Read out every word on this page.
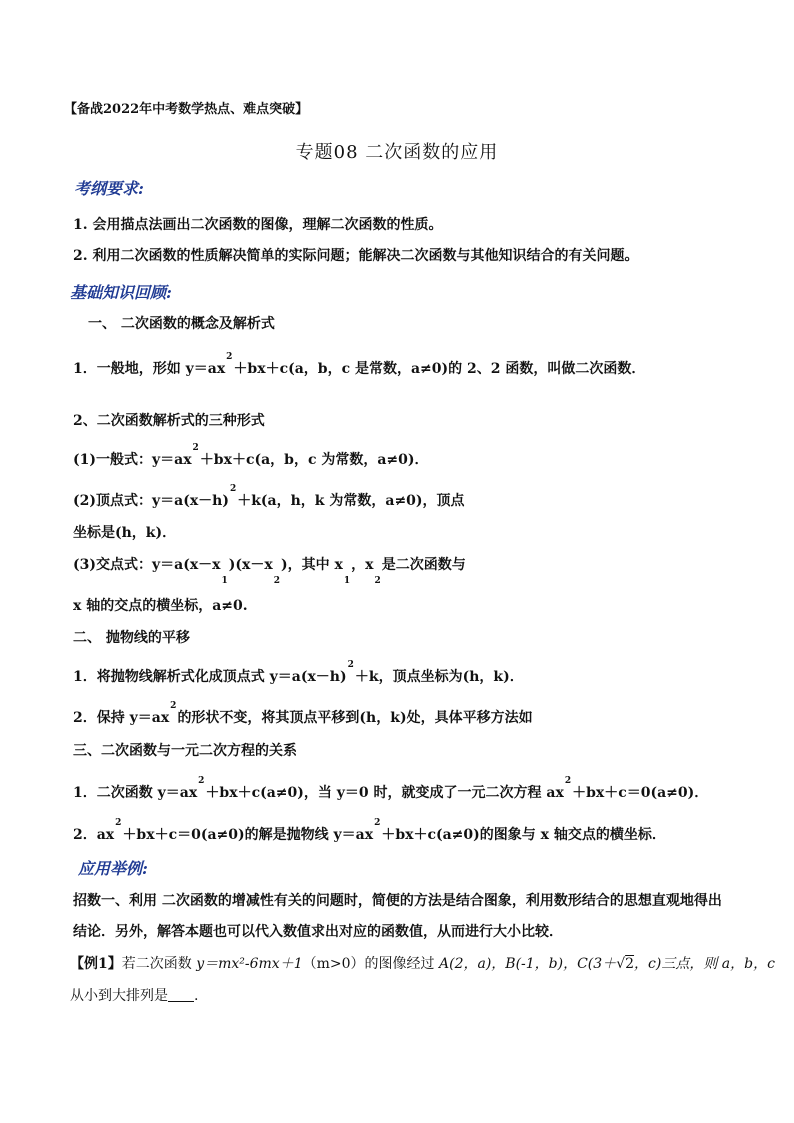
【备战2022年中考数学热点、难点突破】
专题08 二次函数的应用
考纲要求:
1. 会用描点法画出二次函数的图像，理解二次函数的性质。
2. 利用二次函数的性质解决简单的实际问题；能解决二次函数与其他知识结合的有关问题。
基础知识回顾:
一、 二次函数的概念及解析式
1．一般地，形如 $y=ax^2+bx+c(a$，b，c 是常数，a≠0)的 2、2 函数，叫做二次函数．
2、二次函数解析式的三种形式
(1)一般式：$y=ax^2+bx+c(a$，b，c 为常数，a≠0)．
(2)顶点式：$y=a(x-h)^2+k(a$，h，k 为常数，a≠0)，顶点
坐标是(h，k)．
(3)交点式：$y=a(x-x_1)(x-x_2)$，其中 $x_1$，$x_2$是二次函数与
x 轴的交点的横坐标，a≠0.
二、 抛物线的平移
1．将抛物线解析式化成顶点式 $y=a(x-h)^2+k$，顶点坐标为(h，k)．
2．保持 $y=ax^2$的形状不变，将其顶点平移到(h，k)处，具体平移方法如
三、二次函数与一元二次方程的关系
1．二次函数 $y=ax^2+bx+c(a\ne 0)$，当 y＝0 时，就变成了一元二次方程 $ax^2+bx+c=0(a\ne 0)$．
2．$ax^2+bx+c=0(a\ne 0)$的解是抛物线 $y=ax^2+bx+c(a\ne 0)$的图象与 x 轴交点的横坐标．
应用举例:
招数一、利用 二次函数的增减性有关的问题时，简便的方法是结合图象，利用数形结合的思想直观地得出
结论．另外，解答本题也可以代入数值求出对应的函数值，从而进行大小比较．
【例1】若二次函数 y＝mx²-6mx＋1（m>0）的图像经过 A(2，a)，B(-1，b)，C(3＋√2，c)三点，则 a，b，c
从小到大排列是 .
